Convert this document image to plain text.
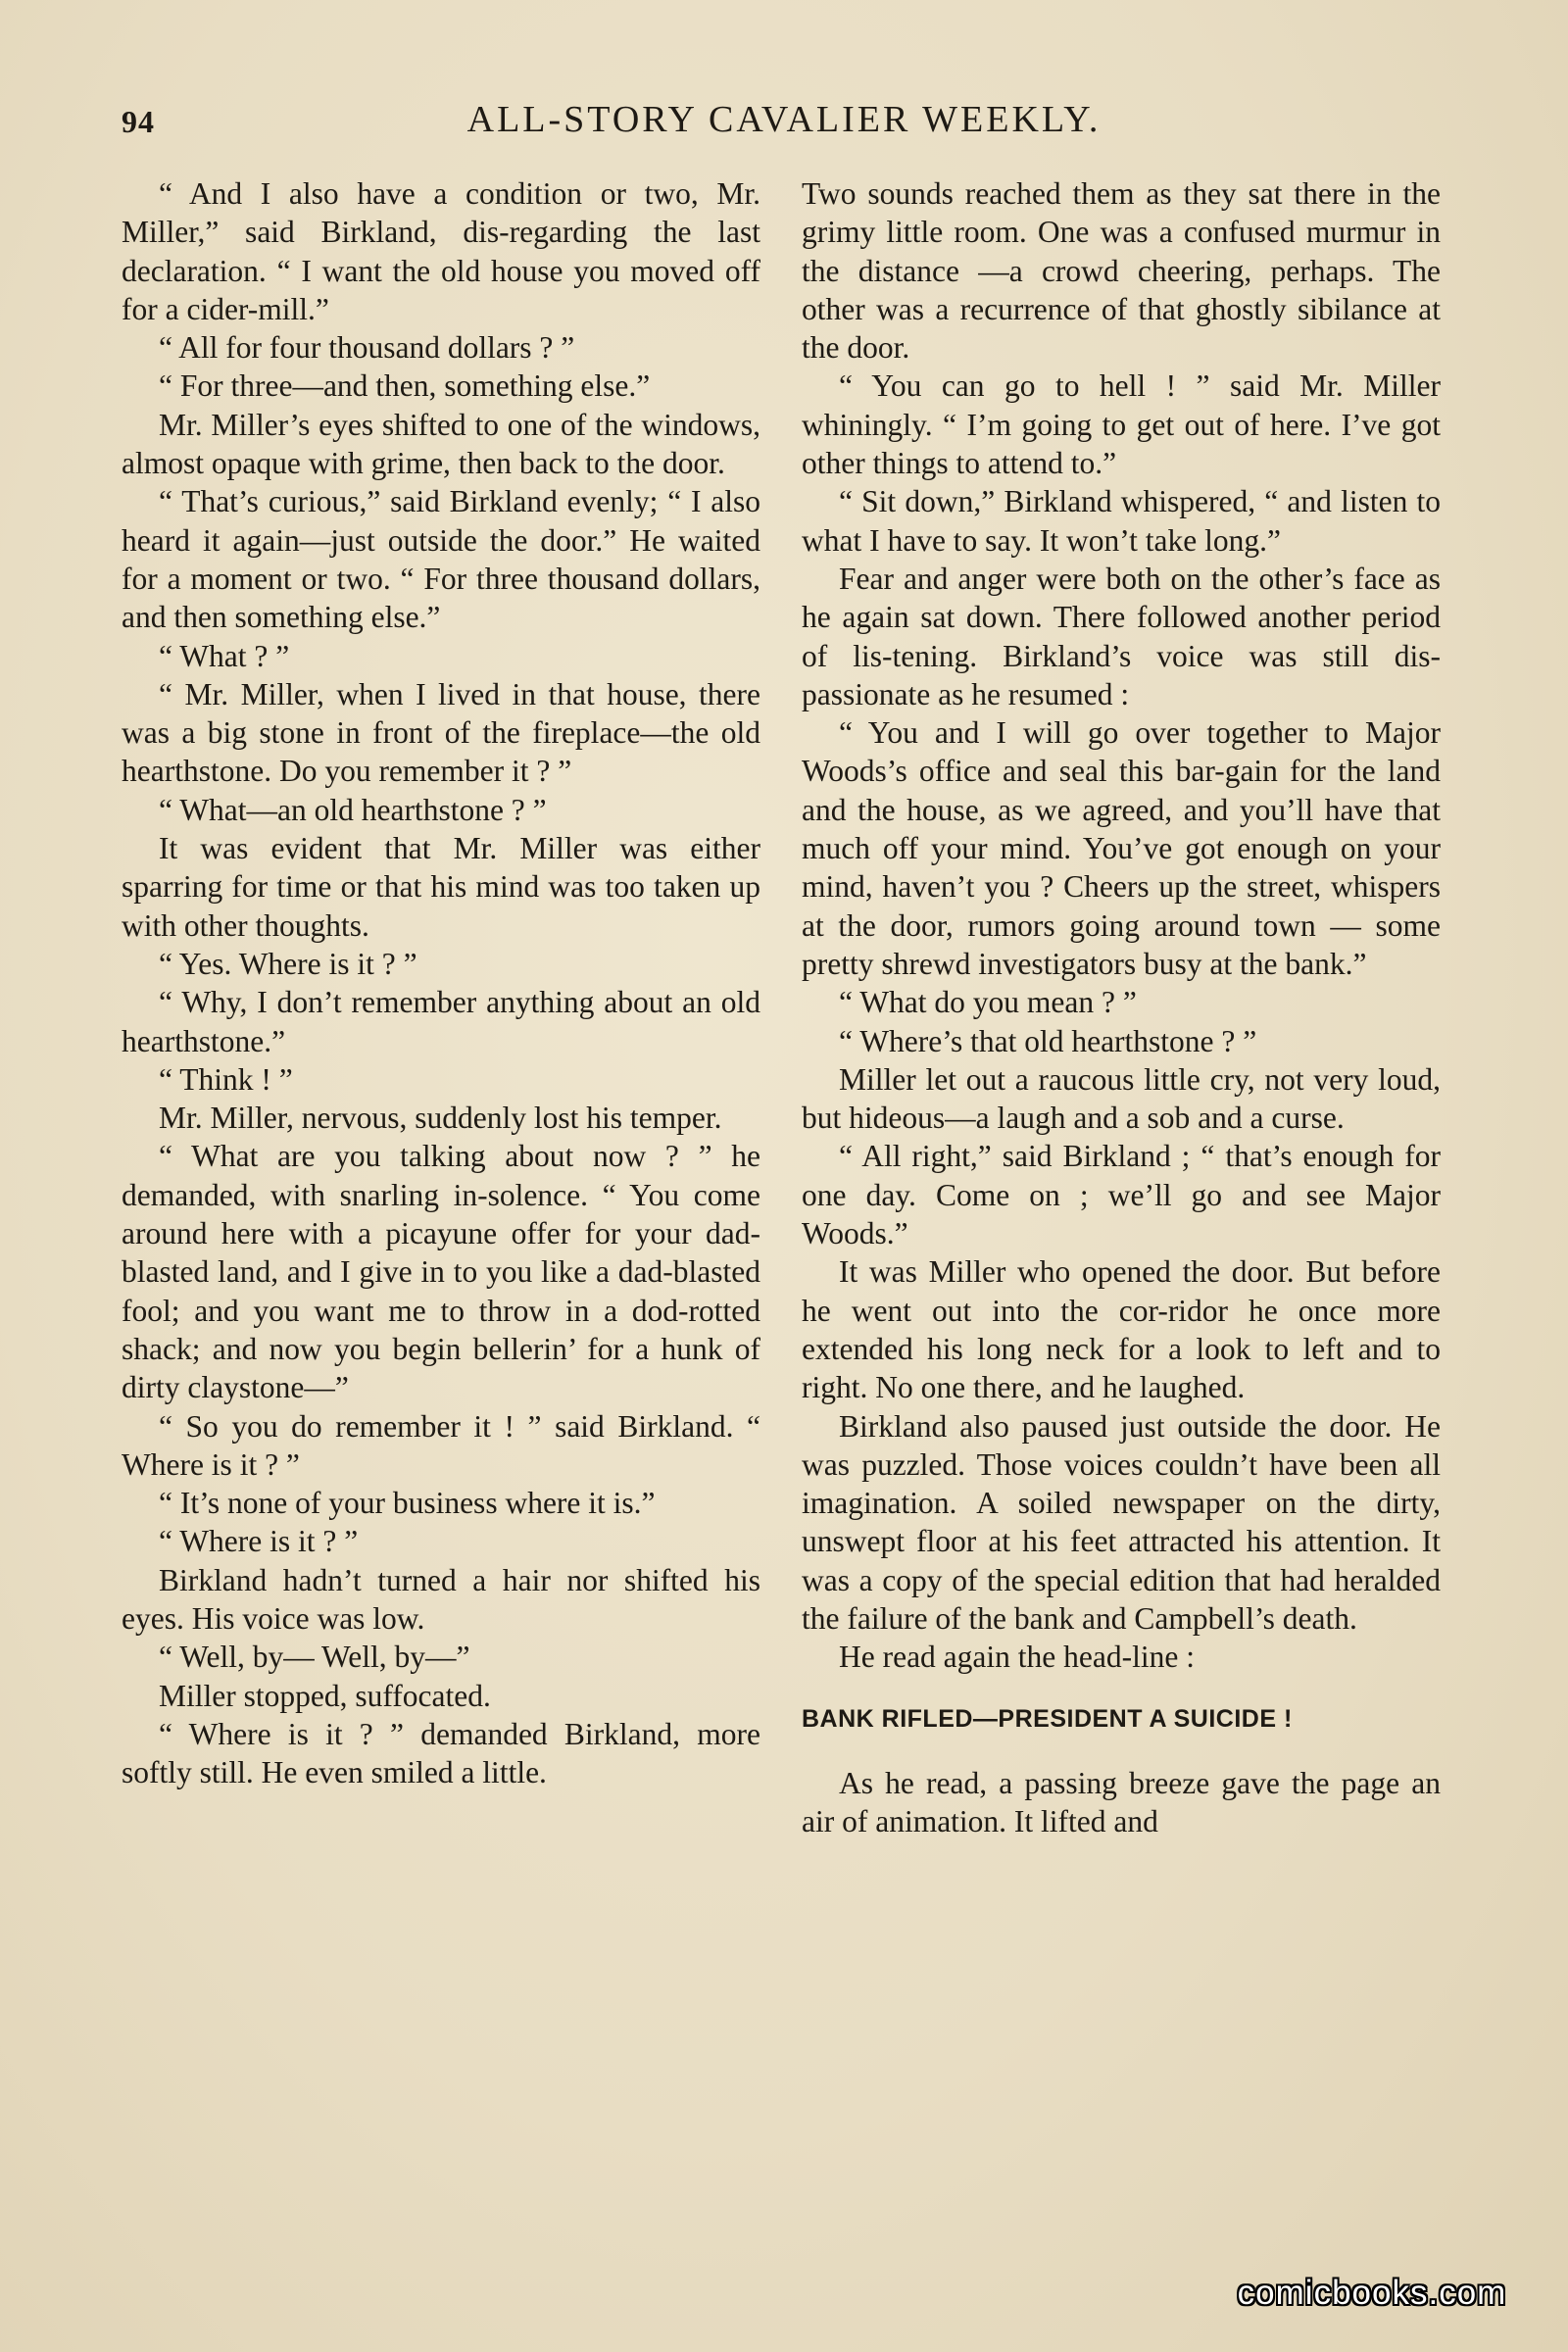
94	ALL-STORY CAVALIER WEEKLY.

“ And I also have a condition or two, Mr. Miller,” said Birkland, dis-regarding the last declaration. “ I want the old house you moved off for a cider-mill.”

“ All for four thousand dollars ? ”

“ For three—and then, something else.”

Mr. Miller’s eyes shifted to one of the windows, almost opaque with grime, then back to the door.

“ That’s curious,” said Birkland evenly; “ I also heard it again—just outside the door.” He waited for a moment or two. “ For three thousand dollars, and then something else.”

“ What ? ”

“ Mr. Miller, when I lived in that house, there was a big stone in front of the fireplace—the old hearthstone. Do you remember it ? ”

“ What—an old hearthstone ? ”

It was evident that Mr. Miller was either sparring for time or that his mind was too taken up with other thoughts.

“ Yes. Where is it ? ”

“ Why, I don’t remember anything about an old hearthstone.”

“ Think ! ”

Mr. Miller, nervous, suddenly lost his temper.

“ What are you talking about now ? ” he demanded, with snarling in-solence. “ You come around here with a picayune offer for your dad-blasted land, and I give in to you like a dad-blasted fool; and you want me to throw in a dod-rotted shack; and now you begin bellerin’ for a hunk of dirty claystone—”

“ So you do remember it ! ” said Birkland. “ Where is it ? ”

“ It’s none of your business where it is.”

“ Where is it ? ”

Birkland hadn’t turned a hair nor shifted his eyes. His voice was low.

“ Well, by— Well, by—”

Miller stopped, suffocated.

“ Where is it ? ” demanded Birkland, more softly still. He even smiled a little.

Two sounds reached them as they sat there in the grimy little room. One was a confused murmur in the distance —a crowd cheering, perhaps. The other was a recurrence of that ghostly sibilance at the door.

“ You can go to hell ! ” said Mr. Miller whiningly. “ I’m going to get out of here. I’ve got other things to attend to.”

“ Sit down,” Birkland whispered, “ and listen to what I have to say. It won’t take long.”

Fear and anger were both on the other’s face as he again sat down. There followed another period of lis-tening. Birkland’s voice was still dis-passionate as he resumed :

“ You and I will go over together to Major Woods’s office and seal this bar-gain for the land and the house, as we agreed, and you’ll have that much off your mind. You’ve got enough on your mind, haven’t you ? Cheers up the street, whispers at the door, rumors going around town — some pretty shrewd investigators busy at the bank.”

“ What do you mean ? ”

“ Where’s that old hearthstone ? ”

Miller let out a raucous little cry, not very loud, but hideous—a laugh and a sob and a curse.

“ All right,” said Birkland ; “ that’s enough for one day. Come on ; we’ll go and see Major Woods.”

It was Miller who opened the door. But before he went out into the cor-ridor he once more extended his long neck for a look to left and to right. No one there, and he laughed.

Birkland also paused just outside the door. He was puzzled. Those voices couldn’t have been all imagination. A soiled newspaper on the dirty, unswept floor at his feet attracted his attention. It was a copy of the special edition that had heralded the failure of the bank and Campbell’s death.

He read again the head-line :

BANK RIFLED—PRESIDENT A SUICIDE !

As he read, a passing breeze gave the page an air of animation. It lifted and

comicbooks.com
